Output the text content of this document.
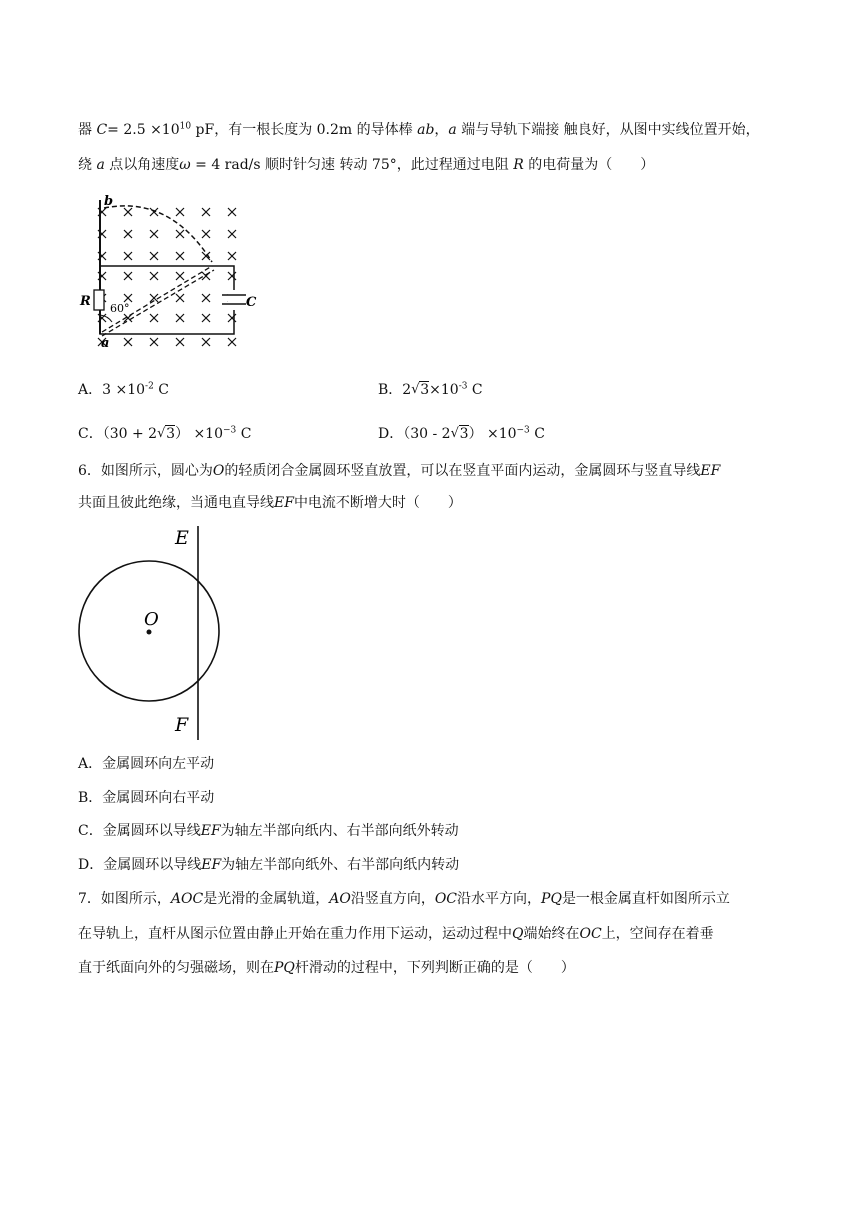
器 $C= 2.5 \times 10^{10}$ pF，有一根长度为 0.2m 的导体棒 ab，a 端与导轨下端接 触良好，从图中实线位置开始，
绕 a 点以角速度ω = 4 rad/s 顺时针匀速 转动 75°，此过程通过电阻 R 的电荷量为（　　）
b
a
R	C
60°
A．$3 \times 10^{-2}$ C	B．2 √ $3\times 10^{-3}$ C
C．（30 + 2 √ $3) \times 10^{-3}$ C	D．（30 - 2 √ $3) \times 10^{-3}$ C
6．如图所示，圆心为O的轻质闭合金属圆环竖直放置，可以在竖直平面内运动，金属圆环与竖直导线EF
共面且彼此绝缘，当通电直导线EF中电流不断增大时（　　）
E
F
O
A．金属圆环向左平动
B．金属圆环向右平动
C．金属圆环以导线EF为轴左半部向纸内、右半部向纸外转动
D．金属圆环以导线EF为轴左半部向纸外、右半部向纸内转动
7．如图所示，AOC是光滑的金属轨道，AO沿竖直方向，OC沿水平方向，PQ是一根金属直杆如图所示立
在导轨上，直杆从图示位置由静止开始在重力作用下运动，运动过程中Q端始终在OC上，空间存在着垂
直于纸面向外的匀强磁场，则在PQ杆滑动的过程中，下列判断正确的是（　　）
